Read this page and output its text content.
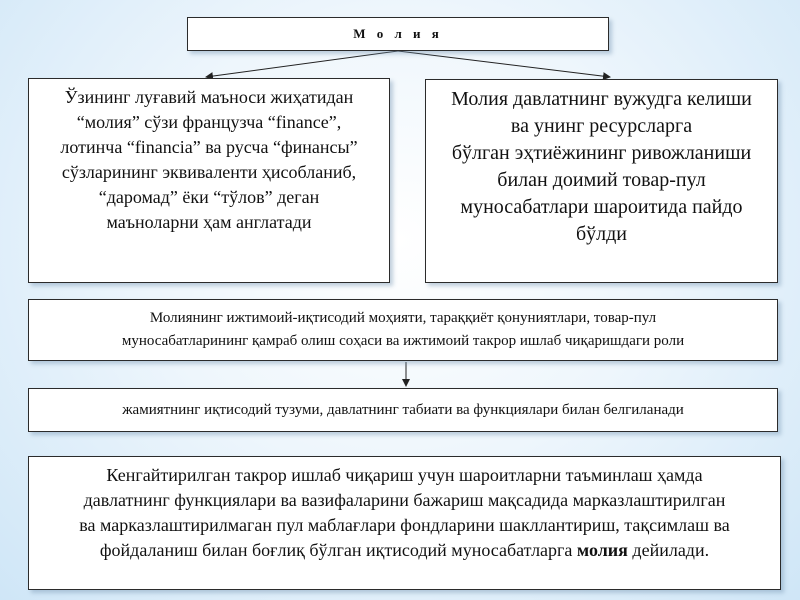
М о л и я
Ўзининг луғавий маъноси жиҳатидан
“молия” сўзи французча “finance”,
лотинча “financia” ва русча “финансы”
сўзларининг эквиваленти ҳисобланиб,
“даромад” ёки “тўлов” деган
маъноларни ҳам англатади
Молия давлатнинг вужудга келиши
ва унинг ресурсларга
бўлган эҳтиёжининг ривожланиши
билан доимий товар-пул
муносабатлари шароитида пайдо
бўлди
Молиянинг ижтимоий-иқтисодий моҳияти, тараққиёт қонуниятлари, товар-пул
муносабатларининг қамраб олиш соҳаси ва ижтимоий такрор ишлаб чиқаришдаги роли
жамиятнинг иқтисодий тузуми, давлатнинг табиати ва функциялари билан белгиланади
Кенгайтирилган такрор ишлаб чиқариш учун шароитларни таъминлаш ҳамда
давлатнинг функциялари ва вазифаларини бажариш мақсадида марказлаштирилган
ва марказлаштирилмаган пул маблағлари фондларини шакллантириш, тақсимлаш ва
фойдаланиш билан боғлиқ бўлган иқтисодий муносабатларга молия дейилади.
